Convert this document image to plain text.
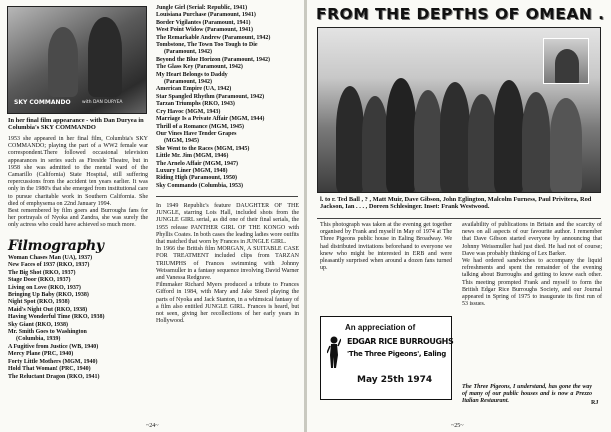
SKY COMMANDO	with DAN DURYEA
In her final film appearance - with Dan Duryea in Columbia's SKY COMMANDO
1953 she appeared in her final film, Columbia's SKY COMMANDO; playing the part of a WW2 female war correspondent.There followed occasional television appearances in series such as Fireside Theatre, but in 1958 she was admitted to the mental ward of the Camarillo (California) State Hospital, still suffering repercussions from the accident ten years earlier. It was only in the 1980's that she emerged from institutional care to pursue charitable work in Southern California. She died of emphysema on 22nd January 1994.
Best remembered by film goers and Burroughs fans for her portrayals of Nyoka and Zandra, she was surely the only actress who could have achieved so much more.
Filmography
Woman Chases Man (UA), 1937)
New Faces of 1937 (RKO, 1937)
The Big Shot (RKO, 1937)
Stage Door (RKO, 1937)
Living on Love (RKO, 1937)
Bringing Up Baby (RKO, 1938)
Night Spot (RKO, 1938)
Maid's Night Out (RKO, 1938)
Having Wonderful Time (RKO, 1938)
Sky Giant (RKO, 1938)
Mr. Smith Goes to Washington
(Columbia, 1939)
A Fugitive from Justice (WB, 1940)
Mercy Plane (PRC, 1940)
Forty Little Mothers (MGM, 1940)
Hold That Woman! (PRC, 1940)
The Reluctant Dragon (RKO, 1941)
Jungle Girl (Serial: Republic, 1941)
Louisiana Purchase (Paramount, 1941)
Border Vigilantes (Paramount, 1941)
West Point Widow (Paramount, 1941)
The Remarkable Andrew (Paramount, 1942)
Tombstone, The Town Too Tough to Die
(Paramount, 1942)
Beyond the Blue Horizon (Paramount, 1942)
The Glass Key (Paramount, 1942)
My Heart Belongs to Daddy
(Paramount, 1942)
American Empire (UA, 1942)
Star Spangled Rhythm (Paramount, 1942)
Tarzan Triumphs (RKO, 1943)
Cry Havoc (MGM, 1943)
Marriage Is a Private Affair (MGM, 1944)
Thrill of a Romance (MGM, 1945)
Our Vines Have Tender Grapes
(MGM, 1945)
She Went to the Races (MGM, 1945)
Little Mr. Jim (MGM, 1946)
The Arnelo Affair (MGM, 1947)
Luxury Liner (MGM, 1948)
Riding High (Paramount, 1950)
Sky Commando (Columbia, 1953)
In 1949 Republic's feature DAUGHTER OF THE JUNGLE, starring Lois Hall, included shots from the JUNGLE GIRL serial, as did one of their final serials, the 1955 release PANTHER GIRL OF THE KONGO with Phyllis Coates. In both cases the leading ladies wore outfits that matched that worn by Frances in JUNGLE GIRL.
In 1966 the British film MORGAN, A SUITABLE CASE FOR TREATMENT included clips from TARZAN TRIUMPHS of Frances swimming with Johnny Weissmuller in a fantasy sequence involving David Warner and Vanessa Redgrave.
Filmmaker Richard Myers produced a tribute to Frances Gifford in 1984, with Mary and Jake Steed playing the parts of Nyoka and Jack Stanton, in a whimsical fantasy of a film also entitled JUNGLE GIRL. Frances is heard, but not seen, giving her recollections of her early years in Hollywood.
~24~
FROM THE DEPTHS OF OMEAN .
l. to r. Ted Ball , ? , Matt Muir, Dave Gibson, John Eglington, Malcolm Furness, Paul Privitera, Rod Jackson, Ian . . . , Doreen Schlesinger. Inset: Frank Westwood.
This photograph was taken at the evening get together organised by Frank and myself in May of 1974 at The Three Pigeons public house in Ealing Broadway. We had distributed invitations beforehand to everyone we knew who might be interested in ERB and were pleasantly surprised when around a dozen fans turned up.
An appreciation of
EDGAR RICE BURROUGHS
'The Three Pigeons', Ealing
May 25th 1974
availability of publications in Britain and the scarcity of news on all aspects of our favourite author. I remember that Dave Gibson started everyone by announcing that Johnny Weissmuller had just died. He had not of course; Dave was probably thinking of Lex Barker.
We had ordered sandwiches to accompany the liquid refreshments and spent the remainder of the evening talking about Burroughs and getting to know each other. This meeting prompted Frank and myself to form the British Edgar Rice Burroughs Society, and our Journal appeared in Spring of 1975 to inaugurate its first run of 53 issues.
The Three Pigeons, I understand, has gone the way of many of our public houses and is now a Prezzo Italian Restaurant.	RJ
~25~
